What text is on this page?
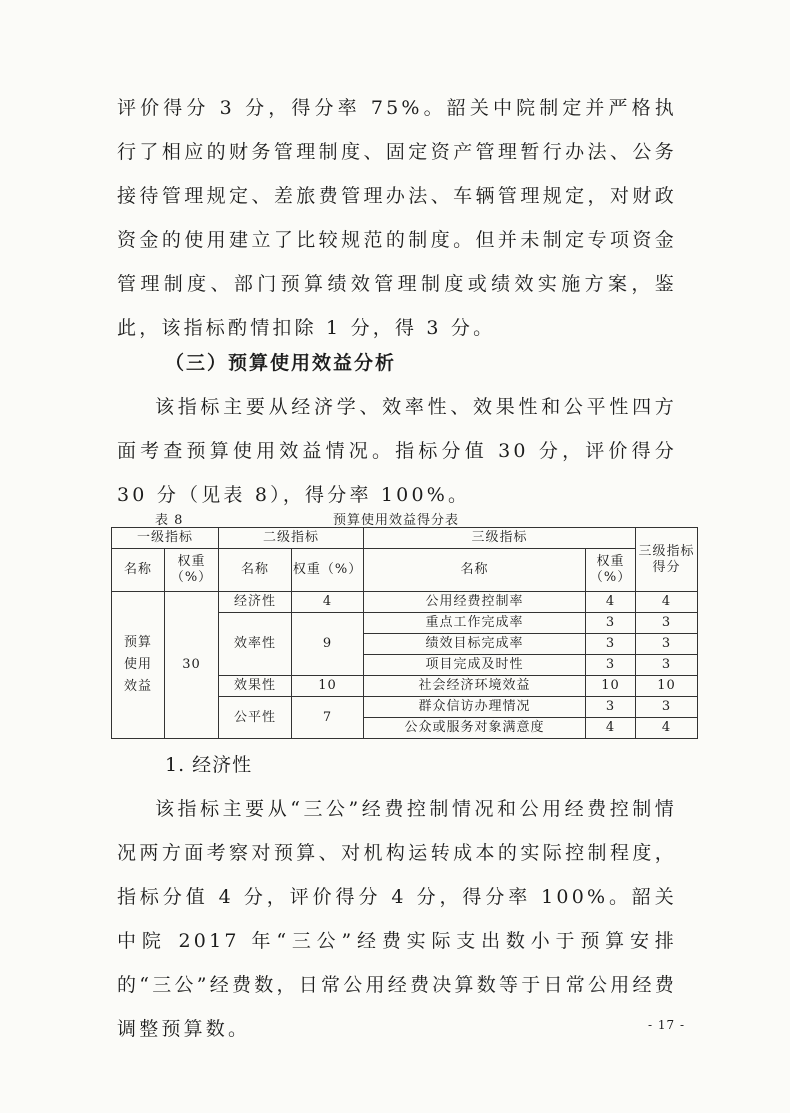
评价得分 3 分，得分率 75%。韶关中院制定并严格执行了相应的财务管理制度、固定资产管理暂行办法、公务接待管理规定、差旅费管理办法、车辆管理规定，对财政资金的使用建立了比较规范的制度。但并未制定专项资金管理制度、部门预算绩效管理制度或绩效实施方案，鉴此，该指标酌情扣除 1 分，得 3 分。

（三）预算使用效益分析

该指标主要从经济学、效率性、效果性和公平性四方面考查预算使用效益情况。指标分值 30 分，评价得分 30 分（见表 8），得分率 100%。

表 8	预算使用效益得分表
一级指标		二级指标		三级指标		三级指标得分
名称	权重（%）	名称	权重（%）	名称	权重（%）	
预算使用效益	30	经济性	4	公用经费控制率	4	4
		效率性	9	重点工作完成率	3	3
				绩效目标完成率	3	3
				项目完成及时性	3	3
		效果性	10	社会经济环境效益	10	10
		公平性	7	群众信访办理情况	3	3
				公众或服务对象满意度	4	4
1. 经济性

该指标主要从“三公”经费控制情况和公用经费控制情况两方面考察对预算、对机构运转成本的实际控制程度，指标分值 4 分，评价得分 4 分，得分率 100%。韶关中院 2017 年“三公”经费实际支出数小于预算安排的“三公”经费数，日常公用经费决算数等于日常公用经费调整预算数。	- 17 -
